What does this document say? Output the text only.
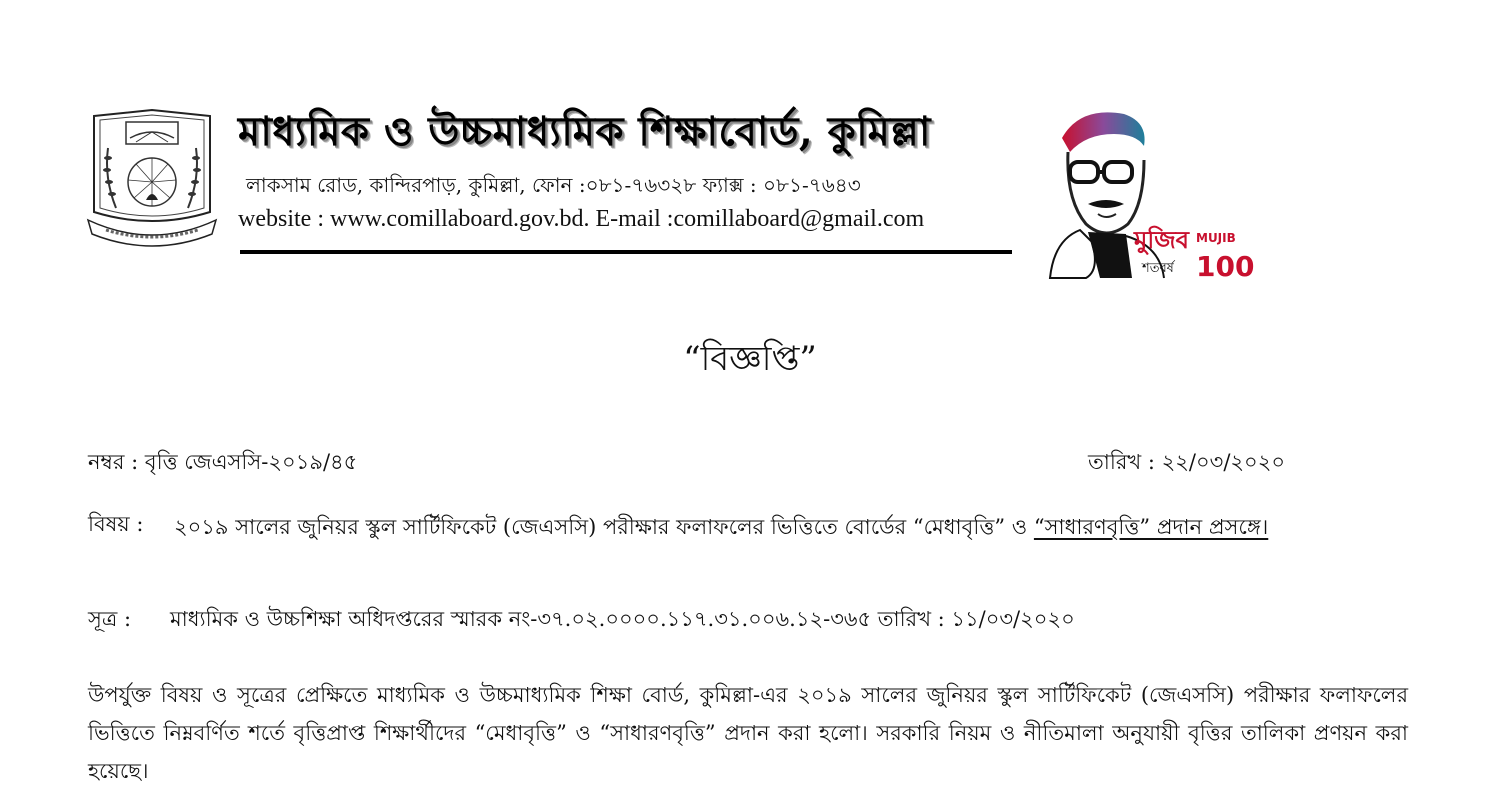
মাধ্যমিক ও উচ্চমাধ্যমিক শিক্ষাবোর্ড, কুমিল্লা
লাকসাম রোড, কান্দিরপাড়, কুমিল্লা, ফোন :০৮১-৭৬৩২৮ ফ্যাক্স : ০৮১-৭৬৪৩
website : www.comillaboard.gov.bd. E-mail :comillaboard@gmail.com
মুজিব
শতবর্ষ
MUJIB
100
“বিজ্ঞপ্তি”
নম্বর : বৃত্তি জেএসসি-২০১৯/৪৫	তারিখ : ২২/০৩/২০২০
বিষয় : ২০১৯ সালের জুনিয়র স্কুল সার্টিফিকেট (জেএসসি) পরীক্ষার ফলাফলের ভিত্তিতে বোর্ডের “মেধাবৃত্তি” ও “সাধারণবৃত্তি” প্রদান প্রসঙ্গে।
সূত্র : মাধ্যমিক ও উচ্চশিক্ষা অধিদপ্তরের স্মারক নং-৩৭.০২.০০০০.১১৭.৩১.০০৬.১২-৩৬৫ তারিখ : ১১/০৩/২০২০
উপর্যুক্ত বিষয় ও সূত্রের প্রেক্ষিতে মাধ্যমিক ও উচ্চমাধ্যমিক শিক্ষা বোর্ড, কুমিল্লা-এর ২০১৯ সালের জুনিয়র স্কুল সার্টিফিকেট (জেএসসি) পরীক্ষার ফলাফলের ভিত্তিতে নিম্নবর্ণিত শর্তে বৃত্তিপ্রাপ্ত শিক্ষার্থীদের “মেধাবৃত্তি” ও “সাধারণবৃত্তি” প্রদান করা হলো। সরকারি নিয়ম ও নীতিমালা অনুযায়ী বৃত্তির তালিকা প্রণয়ন করা হয়েছে।
